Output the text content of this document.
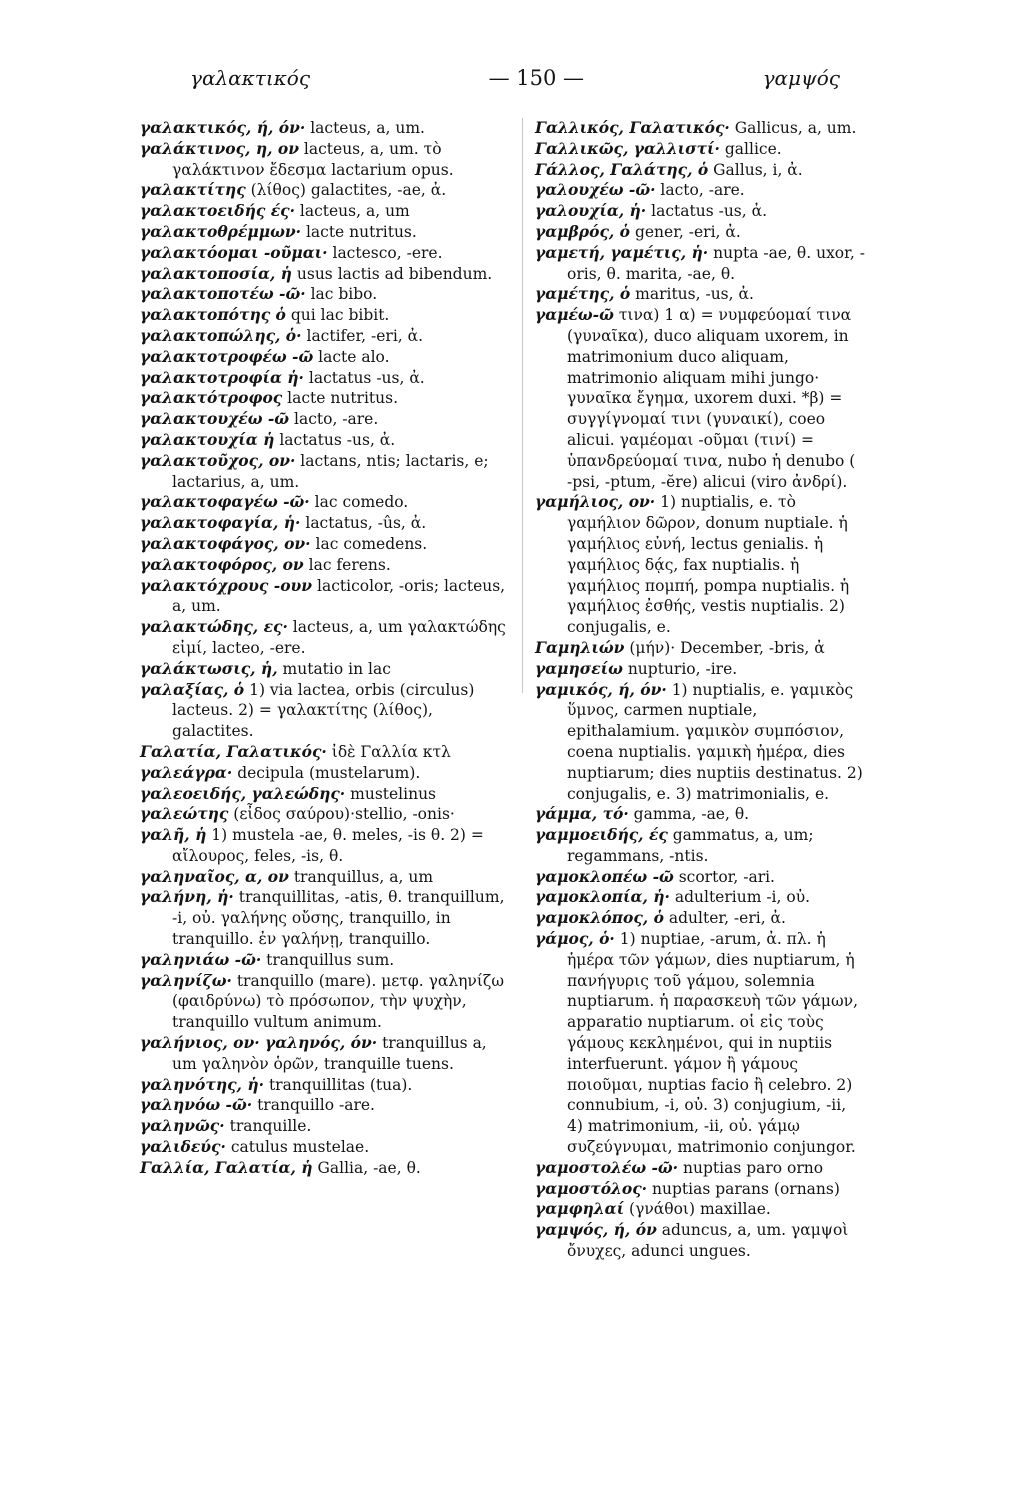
γαλακτικός	— 150 —	γαμψός

γαλακτικός, ή, όν· lacteus, a, um.

γαλάκτινος, η, ον lacteus, a, um. τὸ γαλάκτινον ἔδεσμα lactarium opus.

γαλακτίτης (λίθος) galactites, -ae, ἀ.

γαλακτοειδής ές· lacteus, a, um

γαλακτοθρέμμων· lacte nutritus.

γαλακτόομαι -οῦμαι· lactesco, -ere.

γαλακτοποσία, ἡ usus lactis ad bibendum.

γαλακτοποτέω -ῶ· lac bibo.

γαλακτοπότης ὁ qui lac bibit.

γαλακτοπώλης, ὁ· lactifer, -eri, ἀ.

γαλακτοτροφέω -ῶ lacte alo.

γαλακτοτροφία ἡ· lactatus -us, ἀ.

γαλακτότροφος lacte nutritus.

γαλακτουχέω -ῶ lacto, -are.

γαλακτουχία ἡ lactatus -us, ἀ.

γαλακτοῦχος, ον· lactans, ntis; lactaris, e; lactarius, a, um.

γαλακτοφαγέω -ῶ· lac comedo.

γαλακτοφαγία, ἡ· lactatus, -ûs, ἀ.

γαλακτοφάγος, ον· lac comedens.

γαλακτοφόρος, ον lac ferens.

γαλακτόχρους -ουν lacticolor, -oris; lacteus, a, um.

γαλακτώδης, ες· lacteus, a, um γαλακτώδης εἰμί, lacteo, -ere.

γαλάκτωσις, ἡ, mutatio in lac

γαλαξίας, ὁ 1) via lactea, orbis (circulus) lacteus. 2) = γαλακτίτης (λίθος), galactites.

Γαλατία, Γαλατικός· ἰδὲ Γαλλία κτλ

γαλεάγρα· decipula (mustelarum).

γαλεοειδής, γαλεώδης· mustelinus

γαλεώτης (εἶδος σαύρου)·stellio, -onis·

γαλῆ, ἡ 1) mustela -ae, θ. meles, -is θ. 2) = αἴλουρος, feles, -is, θ.

γαληναῖος, α, ον tranquillus, a, um

γαλήνη, ἡ· tranquillitas, -atis, θ. tranquillum, -i, οὐ. γαλήνης οὔσης, tranquillo, in tranquillo. ἐν γαλήνῃ, tranquillo.

γαληνιάω -ῶ· tranquillus sum.

γαληνίζω· tranquillo (mare). μετφ. γαληνίζω (φαιδρύνω) τὸ πρόσωπον, τὴν ψυχὴν, tranquillo vultum animum.

γαλήνιος, ον· γαληνός, όν· tranquillus a, um γαληνὸν ὁρῶν, tranquille tuens.

γαληνότης, ἡ· tranquillitas (tua).

γαληνόω -ῶ· tranquillo -are.

γαληνῶς· tranquille.

γαλιδεύς· catulus mustelae.

Γαλλία, Γαλατία, ἡ Gallia, -ae, θ.

Γαλλικός, Γαλατικός· Gallicus, a, um.

Γαλλικῶς, γαλλιστί· gallice.

Γάλλος, Γαλάτης, ὁ Gallus, i, ἀ.

γαλουχέω -ῶ· lacto, -are.

γαλουχία, ἡ· lactatus -us, ἀ.

γαμβρός, ὁ gener, -eri, ἀ.

γαμετή, γαμέτις, ἡ· nupta -ae, θ. uxor, -oris, θ. marita, -ae, θ.

γαμέτης, ὁ maritus, -us, ἀ.

γαμέω-ῶ τινα) 1 α) = νυμφεύομαί τινα (γυναῖκα), duco aliquam uxorem, in matrimonium duco aliquam, matrimonio aliquam mihi jungo· γυναῖκα ἔγημα, uxorem duxi. *β) = συγγίγνομαί τινι (γυναικί), coeo alicui. γαμέομαι -οῦμαι (τινί) = ὑπανδρεύομαί τινα, nubo ἡ denubo ( -psi, -ptum, -ĕre) alicui (viro ἀνδρί).

γαμήλιος, ον· 1) nuptialis, e. τὸ γαμήλιον δῶρον, donum nuptiale. ἡ γαμήλιος εὐνή, lectus genialis. ἡ γαμήλιος δᾴς, fax nuptialis. ἡ γαμήλιος πομπή, pompa nuptialis. ἡ γαμήλιος ἐσθής, vestis nuptialis. 2) conjugalis, e.

Γαμηλιών (μήν)· December, -bris, ἀ

γαμησείω nupturio, -ire.

γαμικός, ή, όν· 1) nuptialis, e. γαμικὸς ὕμνος, carmen nuptiale, epithalamium. γαμικὸν συμπόσιον, coena nuptialis. γαμικὴ ἡμέρα, dies nuptiarum; dies nuptiis destinatus. 2) conjugalis, e. 3) matrimonialis, e.

γάμμα, τό· gamma, -ae, θ.

γαμμοειδής, ές gammatus, a, um; regammans, -ntis.

γαμοκλοπέω -ῶ scortor, -ari.

γαμοκλοπία, ἡ· adulterium -i, οὐ.

γαμοκλόπος, ὁ adulter, -eri, ἀ.

γάμος, ὁ· 1) nuptiae, -arum, ἀ. πλ. ἡ ἡμέρα τῶν γάμων, dies nuptiarum, ἡ πανήγυρις τοῦ γάμου, solemnia nuptiarum. ἡ παρασκευὴ τῶν γάμων, apparatio nuptiarum. οἱ εἰς τοὺς γάμους κεκλημένοι, qui in nuptiis interfuerunt. γάμον ἢ γάμους ποιοῦμαι, nuptias facio ἢ celebro. 2) connubium, -i, οὐ. 3) conjugium, -ii, 4) matrimonium, -ii, οὐ. γάμῳ συζεύγνυμαι, matrimonio conjungor.

γαμοστολέω -ῶ· nuptias paro orno

γαμοστόλος· nuptias parans (ornans)

γαμφηλαί (γνάθοι) maxillae.

γαμψός, ή, όν aduncus, a, um. γαμψοὶ ὄνυχες, adunci ungues.
